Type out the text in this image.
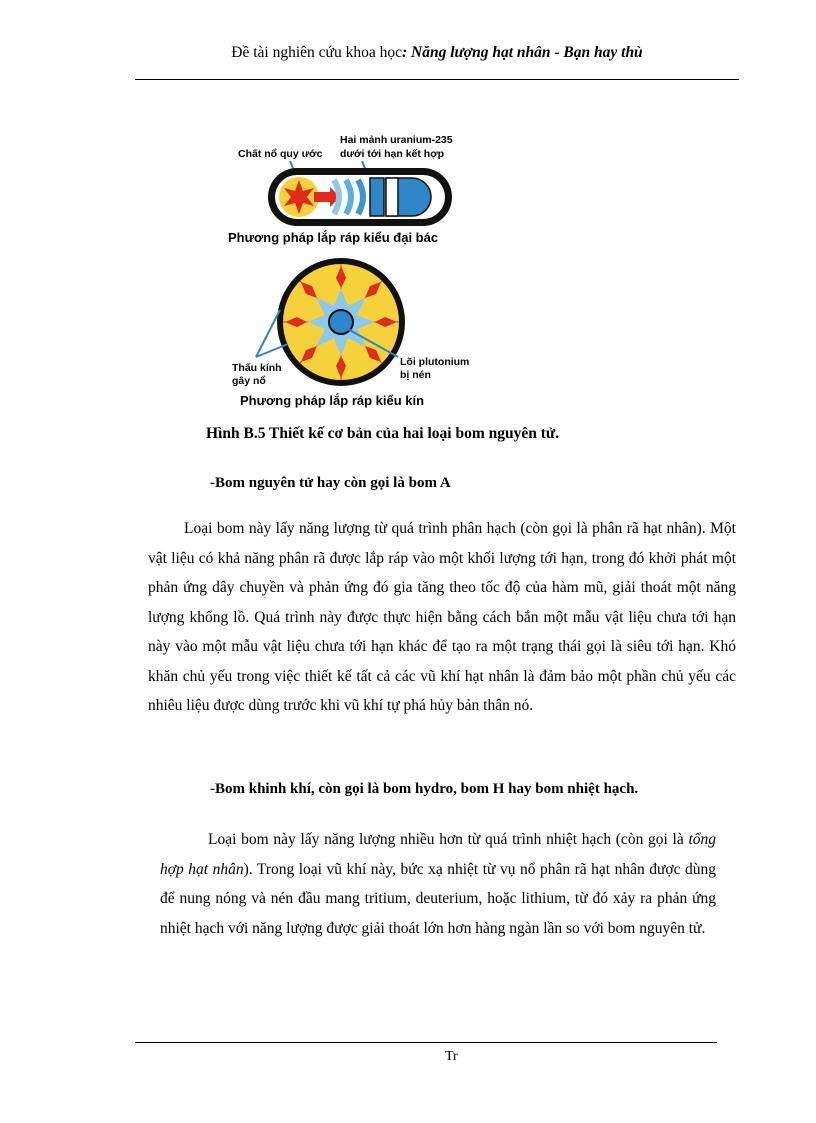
Đề tài nghiên cứu khoa học: Năng lượng hạt nhân - Bạn hay thù
Chất nổ quy ước
Hai mảnh uranium-235
dưới tới hạn kết hợp
Phương pháp lắp ráp kiểu đại bác
Thấu kính
gây nổ
Lõi plutonium
bị nén
Phương pháp lắp ráp kiểu kín
Hình B.5 Thiết kế cơ bản của hai loại bom nguyên tử.
-Bom nguyên tử hay còn gọi là bom A

Loại bom này lấy năng lượng từ quá trình phân hạch (còn gọi là phân rã hạt nhân). Một vật liệu có khả năng phân rã được lắp ráp vào một khối lượng tới hạn, trong đó khởi phát một phản ứng dây chuyền và phản ứng đó gia tăng theo tốc độ của hàm mũ, giải thoát một năng lượng khổng lồ. Quá trình này được thực hiện bằng cách bắn một mẫu vật liệu chưa tới hạn này vào một mẫu vật liệu chưa tới hạn khác để tạo ra một trạng thái gọi là siêu tới hạn. Khó khăn chủ yếu trong việc thiết kế tất cả các vũ khí hạt nhân là đảm bảo một phần chủ yếu các nhiêu liệu được dùng trước khi vũ khí tự phá hủy bản thân nó.

-Bom khinh khí, còn gọi là bom hydro, bom H hay bom nhiệt hạch.

Loại bom này lấy năng lượng nhiều hơn từ quá trình nhiệt hạch (còn gọi là tổng hợp hạt nhân). Trong loại vũ khí này, bức xạ nhiệt từ vụ nổ phân rã hạt nhân được dùng để nung nóng và nén đầu mang tritium, deuterium, hoặc lithium, từ đó xảy ra phản ứng nhiệt hạch với năng lượng được giải thoát lớn hơn hàng ngàn lần so với bom nguyên tử.

Tr
